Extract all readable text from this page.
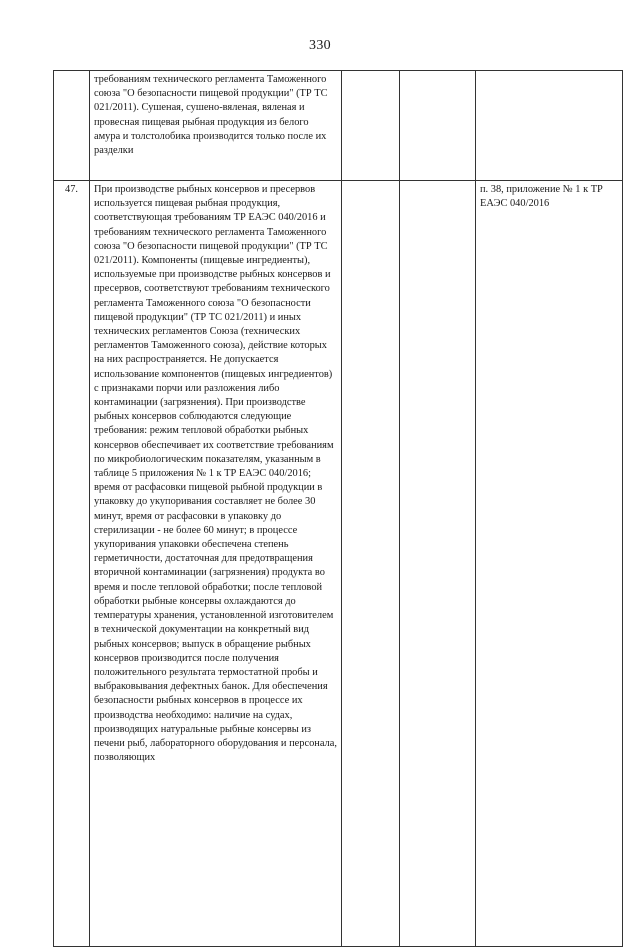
330

	требованиям технического регламента Таможенного союза "О безопасности пищевой продукции" (ТР ТС 021/2011). Сушеная, сушено-вяленая, вяленая и провесная пищевая рыбная продукция из белого амура и толстолобика производится только после их разделки			

47.	При производстве рыбных консервов и пресервов используется пищевая рыбная продукция, соответствующая требованиям ТР ЕАЭС 040/2016 и требованиям технического регламента Таможенного союза "О безопасности пищевой продукции" (ТР ТС 021/2011). Компоненты (пищевые ингредиенты), используемые при производстве рыбных консервов и пресервов, соответствуют требованиям технического регламента Таможенного союза "О безопасности пищевой продукции" (ТР ТС 021/2011) и иных технических регламентов Союза (технических регламентов Таможенного союза), действие которых на них распространяется. Не допускается использование компонентов (пищевых ингредиентов) с признаками порчи или разложения либо контаминации (загрязнения). При производстве рыбных консервов соблюдаются следующие требования: режим тепловой обработки рыбных консервов обеспечивает их соответствие требованиям по микробиологическим показателям, указанным в таблице 5 приложения № 1 к ТР ЕАЭС 040/2016; время от расфасовки пищевой рыбной продукции в упаковку до укупоривания составляет не более 30 минут, время от расфасовки в упаковку до стерилизации - не более 60 минут; в процессе укупоривания упаковки обеспечена степень герметичности, достаточная для предотвращения вторичной контаминации (загрязнения) продукта во время и после тепловой обработки; после тепловой обработки рыбные консервы охлаждаются до температуры хранения, установленной изготовителем в технической документации на конкретный вид рыбных консервов; выпуск в обращение рыбных консервов производится после получения положительного результата термостатной пробы и выбраковывания дефектных банок. Для обеспечения безопасности рыбных консервов в процессе их производства необходимо: наличие на судах, производящих натуральные рыбные консервы из печени рыб, лабораторного оборудования и персонала, позволяющих			п. 38, приложение № 1 к ТР ЕАЭС 040/2016
